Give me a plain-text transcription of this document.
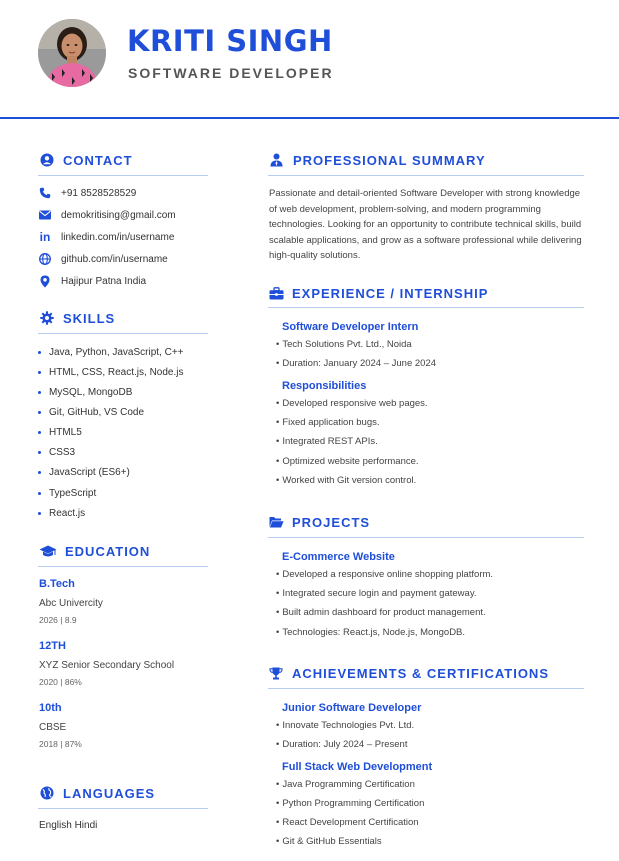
KRITI SINGH
SOFTWARE DEVELOPER
CONTACT
+91 8528528529
demokritising@gmail.com
in linkedin.com/in/username
github.com/in/username
Hajipur Patna India
SKILLS
Java, Python, JavaScript, C++
HTML, CSS, React.js, Node.js
MySQL, MongoDB
Git, GitHub, VS Code
HTML5
CSS3
JavaScript (ES6+)
TypeScript
React.js
EDUCATION
B.Tech
Abc Univercity
2026 | 8.9
12TH
XYZ Senior Secondary School
2020 | 86%
10th
CBSE
2018 | 87%
LANGUAGES
English Hindi
PROFESSIONAL SUMMARY
Passionate and detail-oriented Software Developer with strong knowledge of web development, problem-solving, and modern programming technologies. Looking for an opportunity to contribute technical skills, build scalable applications, and grow as a software professional while delivering high-quality solutions.
EXPERIENCE / INTERNSHIP
Software Developer Intern
• Tech Solutions Pvt. Ltd., Noida
• Duration: January 2024 – June 2024
Responsibilities
• Developed responsive web pages.
• Fixed application bugs.
• Integrated REST APIs.
• Optimized website performance.
• Worked with Git version control.
PROJECTS
E-Commerce Website
• Developed a responsive online shopping platform.
• Integrated secure login and payment gateway.
• Built admin dashboard for product management.
• Technologies: React.js, Node.js, MongoDB.
ACHIEVEMENTS & CERTIFICATIONS
Junior Software Developer
• Innovate Technologies Pvt. Ltd.
• Duration: July 2024 – Present
Full Stack Web Development
• Java Programming Certification
• Python Programming Certification
• React Development Certification
• Git & GitHub Essentials
